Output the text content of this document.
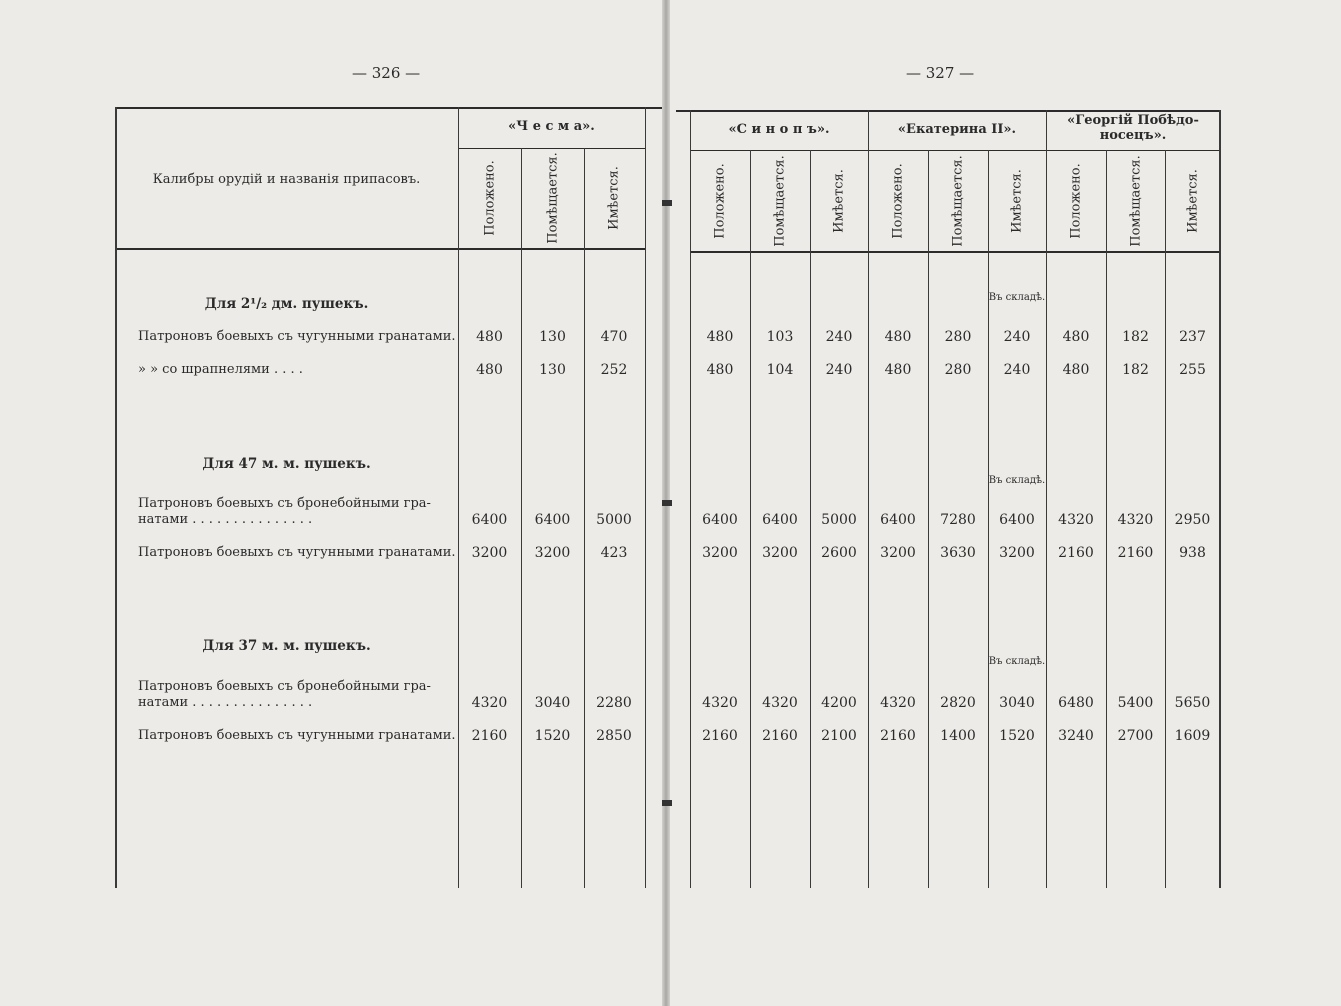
— 326 —	— 327 —
Калибры орудій и названія припасовъ.
«Ч е с м а».	«С и н о п ъ».	«Екатерина II».
«Георгій Побѣдо-
носецъ».
Положено.	Помѣщается.	Имѣется.	Положено.	Помѣщается.	Имѣется.	Положено.	Помѣщается.	Имѣется.	Положено.	Помѣщается.	Имѣется.
Для 2¹/₂ дм. пушекъ.	Въ складѣ.
Патроновъ боевыхъ съ чугунными гранатами.	480	130	470	480	103	240	480	280	240	480	182	237
» » со шрапнелями . . . .	480	130	252	480	104	240	480	280	240	480	182	255
Для 47 м. м. пушекъ.
Въ складѣ.
Патроновъ боевыхъ съ бронебойными гра-
натами . . . . . . . . . . . . . . .	6400	6400	5000	6400	6400	5000	6400	7280	6400	4320	4320	2950
Патроновъ боевыхъ съ чугунными гранатами.	3200	3200	423	3200	3200	2600	3200	3630	3200	2160	2160	938
Для 37 м. м. пушекъ.
Въ складѣ.
Патроновъ боевыхъ съ бронебойными гра-
натами . . . . . . . . . . . . . . .	4320	3040	2280	4320	4320	4200	4320	2820	3040	6480	5400	5650
Патроновъ боевыхъ съ чугунными гранатами.	2160	1520	2850	2160	2160	2100	2160	1400	1520	3240	2700	1609
